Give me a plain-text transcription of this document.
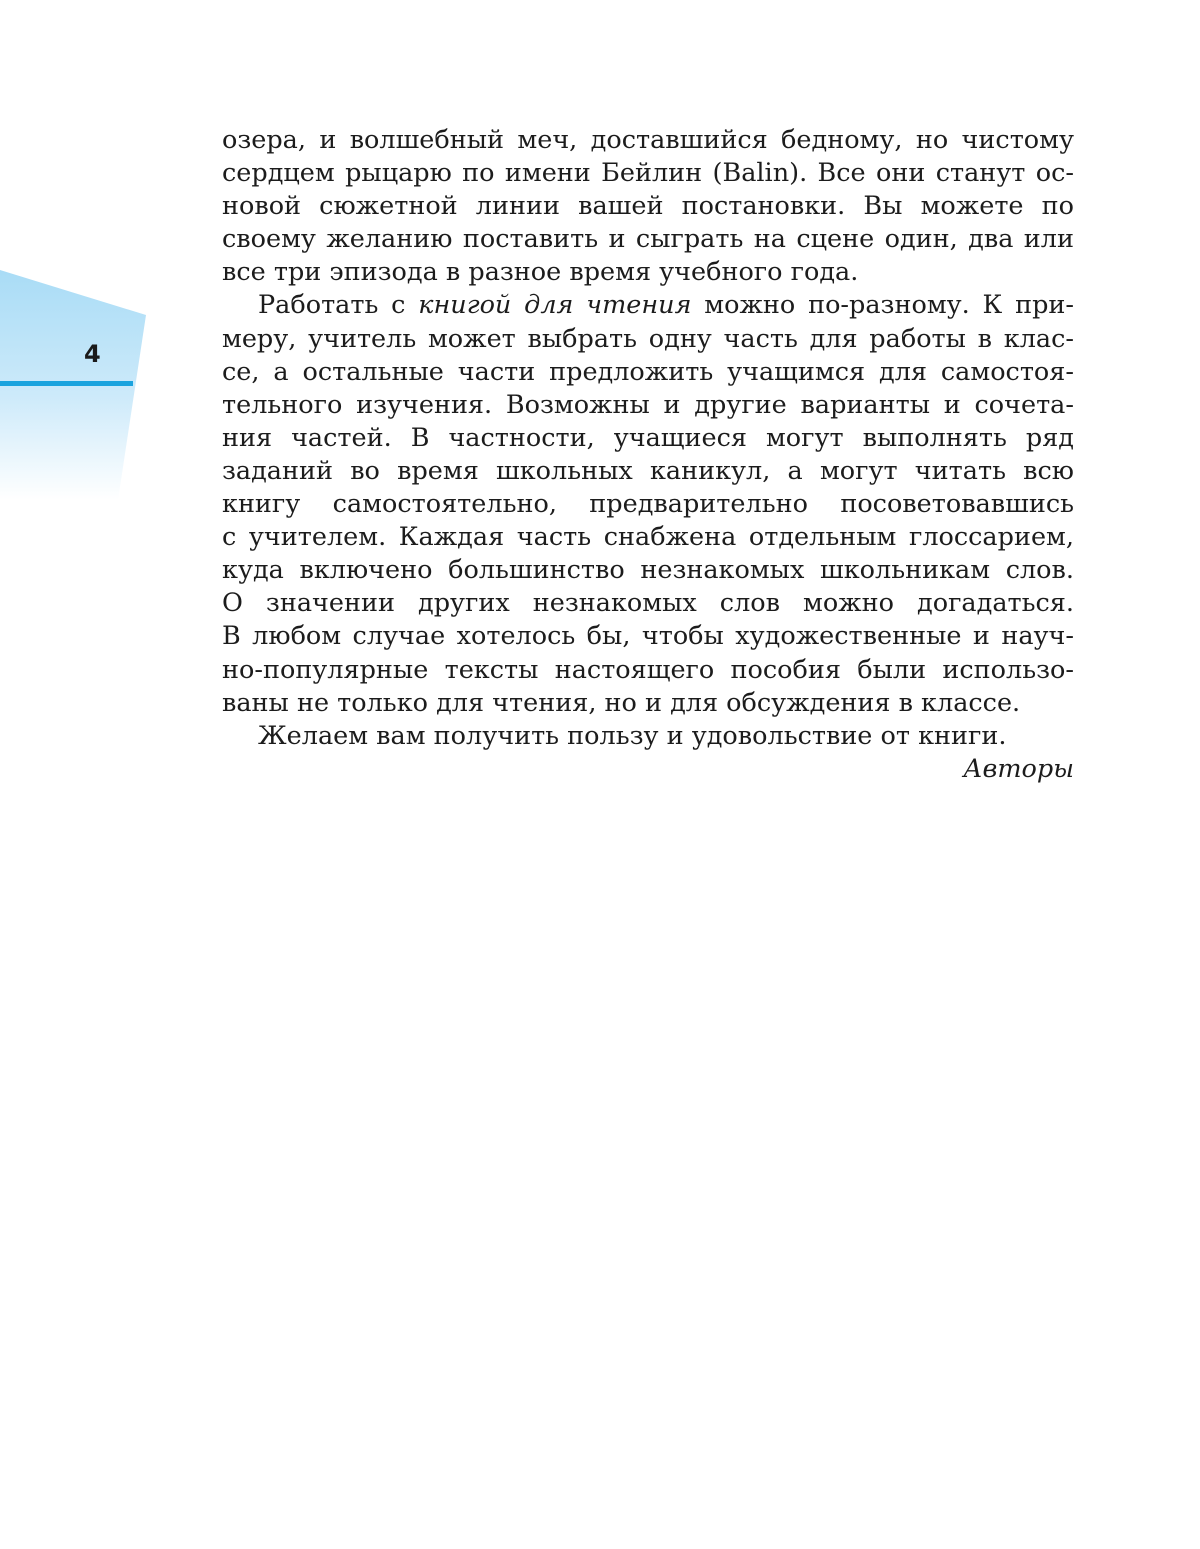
4

озера, и волшебный меч, доставшийся бедному, но чистому
сердцем рыцарю по имени Бейлин (Balin). Все они станут ос-
новой сюжетной линии вашей постановки. Вы можете по
своему желанию поставить и сыграть на сцене один, два или
все три эпизода в разное время учебного года.

Работать с книгой для чтения можно по-разному. К при-
меру, учитель может выбрать одну часть для работы в клас-
се, а остальные части предложить учащимся для самостоя-
тельного изучения. Возможны и другие варианты и сочета-
ния частей. В частности, учащиеся могут выполнять ряд
заданий во время школьных каникул, а могут читать всю
книгу самостоятельно, предварительно посоветовавшись
с учителем. Каждая часть снабжена отдельным глоссарием,
куда включено большинство незнакомых школьникам слов.
О значении других незнакомых слов можно догадаться.
В любом случае хотелось бы, чтобы художественные и науч-
но-популярные тексты настоящего пособия были использо-
ваны не только для чтения, но и для обсуждения в классе.

Желаем вам получить пользу и удовольствие от книги.

Авторы
